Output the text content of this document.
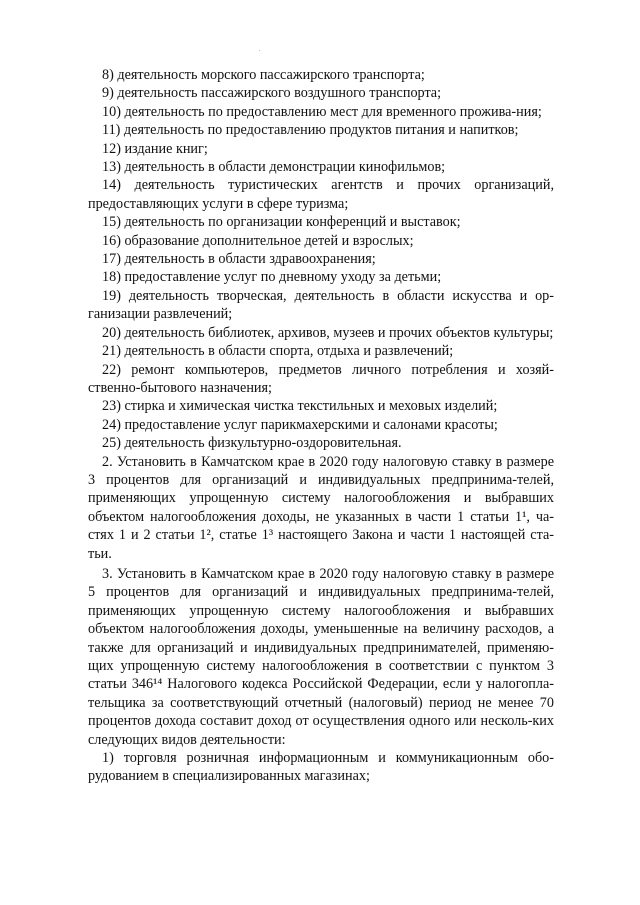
8) деятельность морского пассажирского транспорта;

9) деятельность пассажирского воздушного транспорта;

10) деятельность по предоставлению мест для временного прожива-ния;

11) деятельность по предоставлению продуктов питания и напитков;

12) издание книг;

13) деятельность в области демонстрации кинофильмов;

14) деятельность туристических агентств и прочих организаций, предоставляющих услуги в сфере туризма;

15) деятельность по организации конференций и выставок;

16) образование дополнительное детей и взрослых;

17) деятельность в области здравоохранения;

18) предоставление услуг по дневному уходу за детьми;

19) деятельность творческая, деятельность в области искусства и ор-ганизации развлечений;

20) деятельность библиотек, архивов, музеев и прочих объектов культуры;

21) деятельность в области спорта, отдыха и развлечений;

22) ремонт компьютеров, предметов личного потребления и хозяй-ственно-бытового назначения;

23) стирка и химическая чистка текстильных и меховых изделий;

24) предоставление услуг парикмахерскими и салонами красоты;

25) деятельность физкультурно-оздоровительная.

2. Установить в Камчатском крае в 2020 году налоговую ставку в размере 3 процентов для организаций и индивидуальных предпринима-телей, применяющих упрощенную систему налогообложения и выбравших объектом налогообложения доходы, не указанных в части 1 статьи 1¹, ча-стях 1 и 2 статьи 1², статье 1³ настоящего Закона и части 1 настоящей ста-тьи.

3. Установить в Камчатском крае в 2020 году налоговую ставку в размере 5 процентов для организаций и индивидуальных предпринима-телей, применяющих упрощенную систему налогообложения и выбравших объектом налогообложения доходы, уменьшенные на величину расходов, а также для организаций и индивидуальных предпринимателей, применяю-щих упрощенную систему налогообложения в соответствии с пунктом 3 статьи 346¹⁴ Налогового кодекса Российской Федерации, если у налогопла-тельщика за соответствующий отчетный (налоговый) период не менее 70 процентов дохода составит доход от осуществления одного или несколь-ких следующих видов деятельности:

1) торговля розничная информационным и коммуникационным обо-рудованием в специализированных магазинах;
